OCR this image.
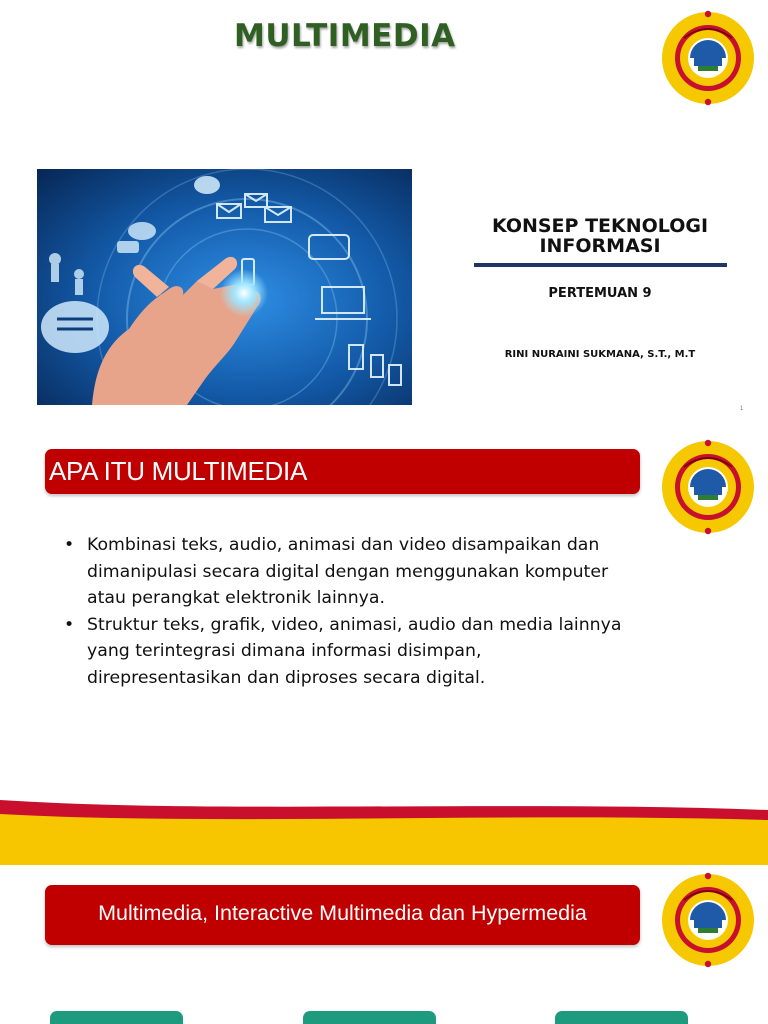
MULTIMEDIA
KONSEP TEKNOLOGI
INFORMASI
PERTEMUAN 9
RINI NURAINI SUKMANA, S.T., M.T
1
APA ITU MULTIMEDIA
• Kombinasi teks, audio, animasi dan video disampaikan dan dimanipulasi secara digital dengan menggunakan komputer atau perangkat elektronik lainnya.
• Struktur teks, grafik, video, animasi, audio dan media lainnya yang terintegrasi dimana informasi disimpan, direpresentasikan dan diproses secara digital.
Multimedia, Interactive Multimedia dan Hypermedia
